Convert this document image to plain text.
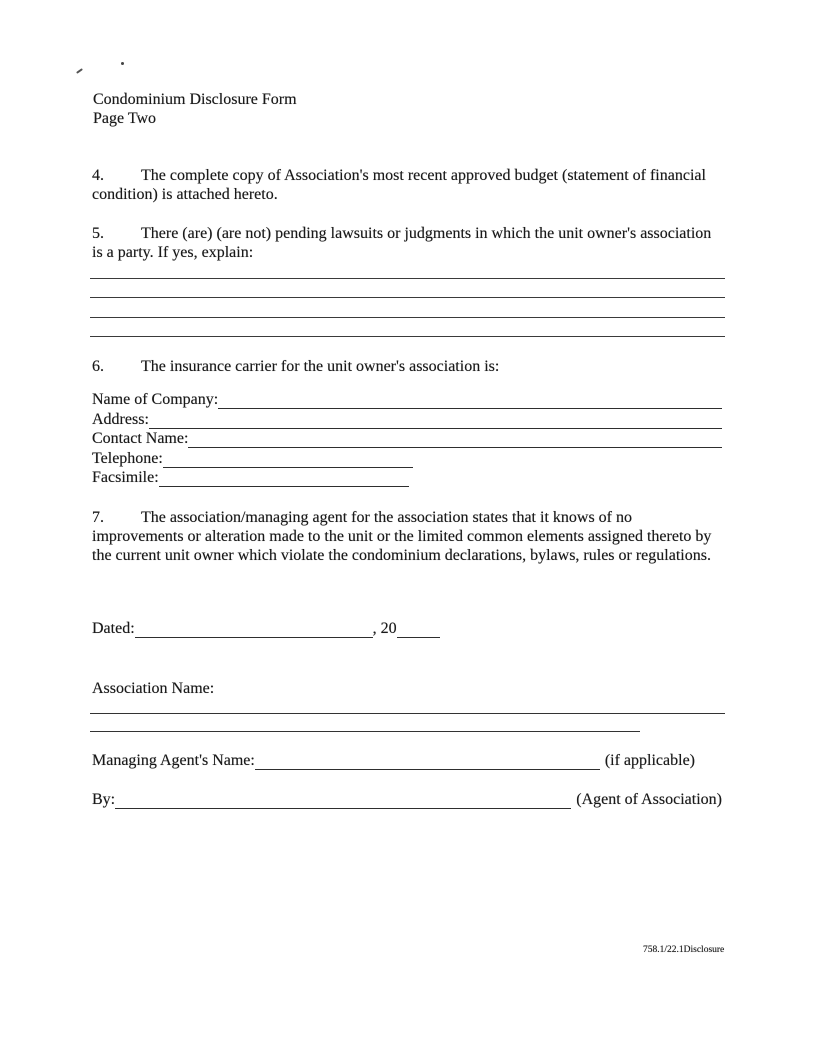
Condominium Disclosure Form
Page Two
4. The complete copy of Association's most recent approved budget (statement of financial condition) is attached hereto.
5. There (are) (are not) pending lawsuits or judgments in which the unit owner's association is a party. If yes, explain:
6. The insurance carrier for the unit owner's association is:
Name of Company:
Address:
Contact Name:
Telephone:
Facsimile:
7. The association/managing agent for the association states that it knows of no improvements or alteration made to the unit or the limited common elements assigned thereto by the current unit owner which violate the condominium declarations, bylaws, rules or regulations.
Dated:	, 20
Association Name:
Managing Agent's Name:	(if applicable)
By:	(Agent of Association)
758.1/22.1Disclosure
